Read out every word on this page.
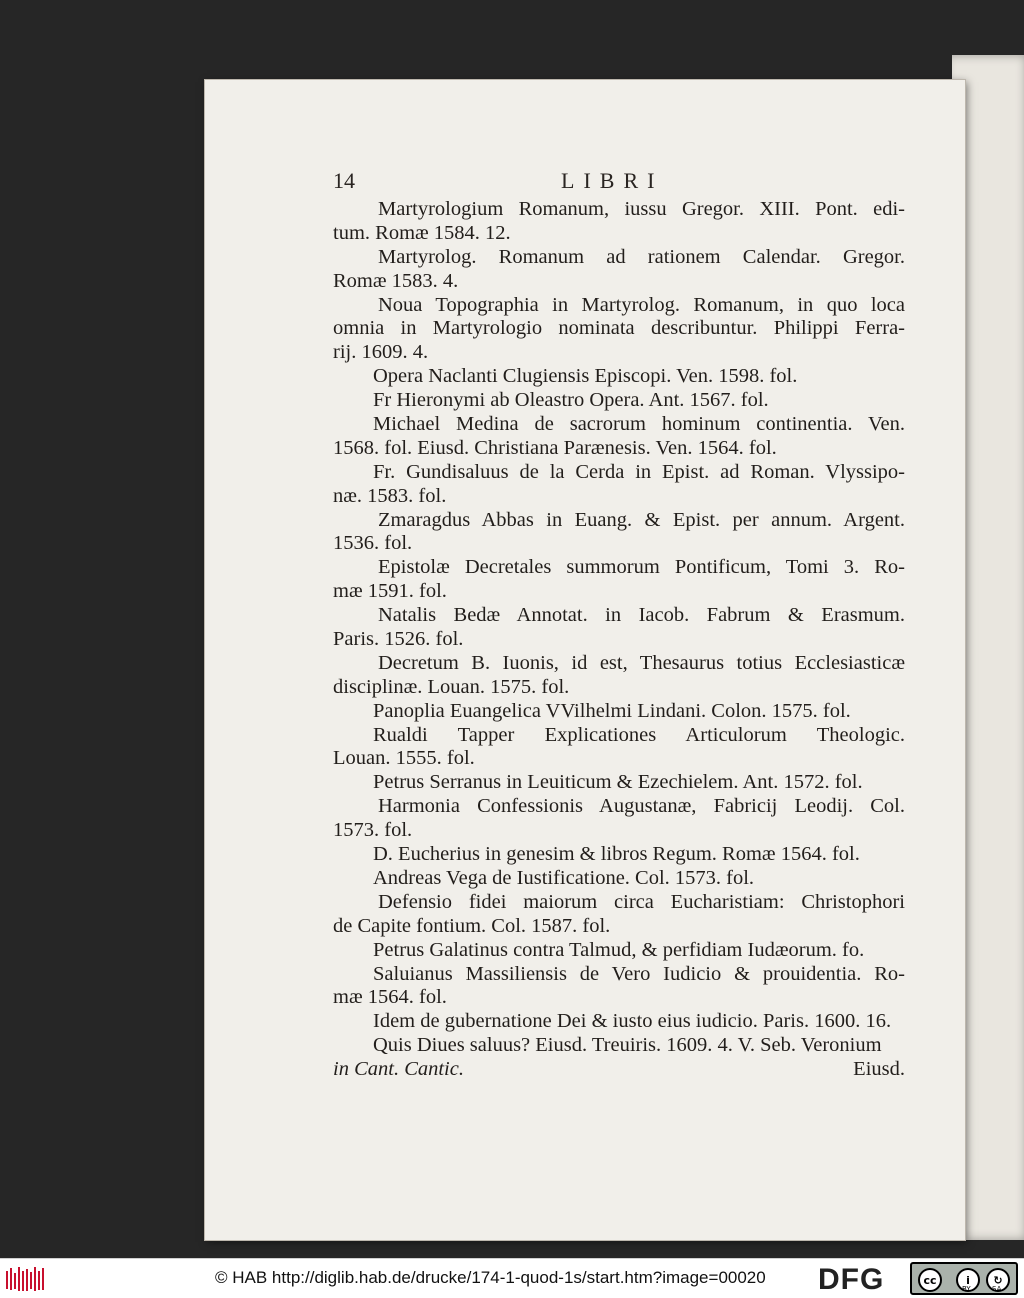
14	LIBRI
Martyrologium Romanum, iussu Gregor. XIII. Pont. edi-
tum. Romæ 1584. 12.
Martyrolog. Romanum ad rationem Calendar. Gregor.
Romæ 1583. 4.
Noua Topographia in Martyrolog. Romanum, in quo loca
omnia in Martyrologio nominata describuntur. Philippi Ferra-
rij. 1609. 4.
Opera Naclanti Clugiensis Episcopi. Ven. 1598. fol.
Fr Hieronymi ab Oleastro Opera. Ant. 1567. fol.
Michael Medina de sacrorum hominum continentia. Ven.
1568. fol. Eiusd. Christiana Parænesis. Ven. 1564. fol.
Fr. Gundisaluus de la Cerda in Epist. ad Roman. Vlyssipo-
næ. 1583. fol.
Zmaragdus Abbas in Euang. & Epist. per annum. Argent.
1536. fol.
Epistolæ Decretales summorum Pontificum, Tomi 3. Ro-
mæ 1591. fol.
Natalis Bedæ Annotat. in Iacob. Fabrum & Erasmum.
Paris. 1526. fol.
Decretum B. Iuonis, id est, Thesaurus totius Ecclesiasticæ
disciplinæ. Louan. 1575. fol.
Panoplia Euangelica VVilhelmi Lindani. Colon. 1575. fol.
Rualdi Tapper Explicationes Articulorum Theologic.
Louan. 1555. fol.
Petrus Serranus in Leuiticum & Ezechielem. Ant. 1572. fol.
Harmonia Confessionis Augustanæ, Fabricij Leodij. Col.
1573. fol.
D. Eucherius in genesim & libros Regum. Romæ 1564. fol.
Andreas Vega de Iustificatione. Col. 1573. fol.
Defensio fidei maiorum circa Eucharistiam: Christophori
de Capite fontium. Col. 1587. fol.
Petrus Galatinus contra Talmud, & perfidiam Iudæorum. fo.
Saluianus Massiliensis de Vero Iudicio & prouidentia. Ro-
mæ 1564. fol.
Idem de gubernatione Dei & iusto eius iudicio. Paris. 1600. 16.
Quis Diues saluus? Eiusd. Treuiris. 1609. 4. V. Seb. Veronium
in Cant. Cantic.	Eiusd.
© HAB http://diglib.hab.de/drucke/174-1-quod-1s/start.htm?image=00020 DFG	cc	i	↻
BY	SA
